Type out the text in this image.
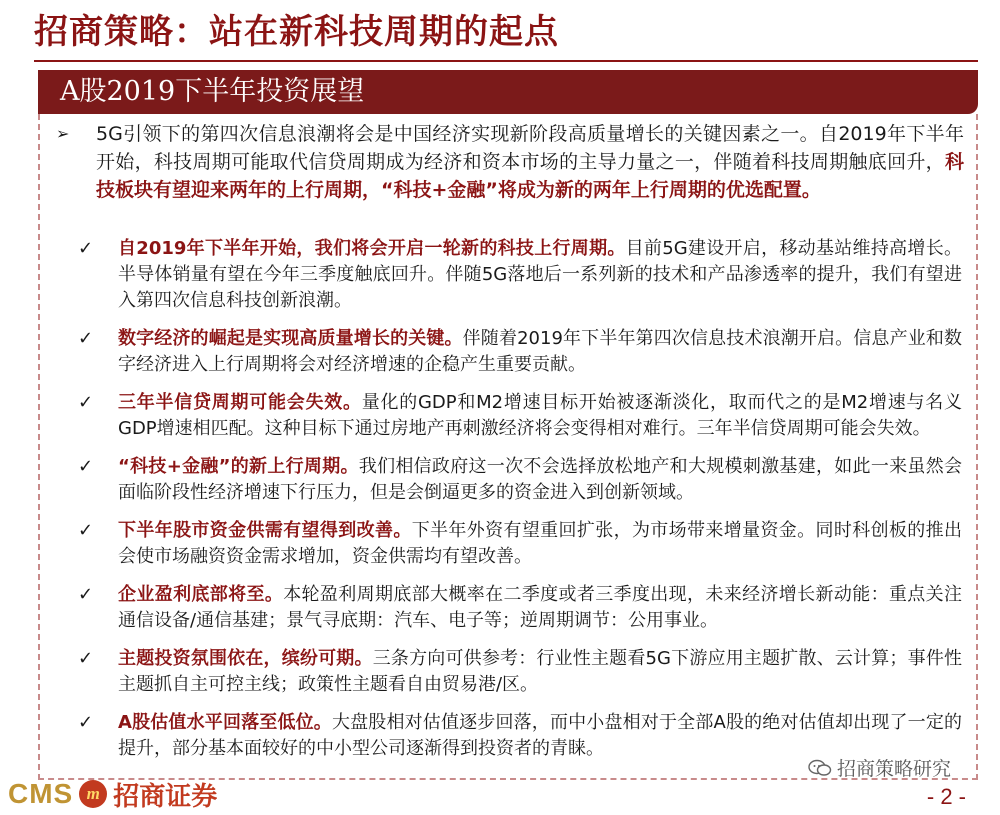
招商策略：站在新科技周期的起点
A股2019下半年投资展望
➢ 5G引领下的第四次信息浪潮将会是中国经济实现新阶段高质量增长的关键因素之一。自2019年下半年开始，科技周期可能取代信贷周期成为经济和资本市场的主导力量之一，伴随着科技周期触底回升，科技板块有望迎来两年的上行周期，“科技+金融”将成为新的两年上行周期的优选配置。
✓ 自2019年下半年开始，我们将会开启一轮新的科技上行周期。目前5G建设开启，移动基站维持高增长。半导体销量有望在今年三季度触底回升。伴随5G落地后一系列新的技术和产品渗透率的提升，我们有望进入第四次信息科技创新浪潮。
✓ 数字经济的崛起是实现高质量增长的关键。伴随着2019年下半年第四次信息技术浪潮开启。信息产业和数字经济进入上行周期将会对经济增速的企稳产生重要贡献。
✓ 三年半信贷周期可能会失效。量化的GDP和M2增速目标开始被逐渐淡化，取而代之的是M2增速与名义GDP增速相匹配。这种目标下通过房地产再刺激经济将会变得相对难行。三年半信贷周期可能会失效。
✓ “科技+金融”的新上行周期。我们相信政府这一次不会选择放松地产和大规模刺激基建，如此一来虽然会面临阶段性经济增速下行压力，但是会倒逼更多的资金进入到创新领域。
✓ 下半年股市资金供需有望得到改善。下半年外资有望重回扩张，为市场带来增量资金。同时科创板的推出会使市场融资资金需求增加，资金供需均有望改善。
✓ 企业盈利底部将至。本轮盈利周期底部大概率在二季度或者三季度出现，未来经济增长新动能：重点关注通信设备/通信基建；景气寻底期：汽车、电子等；逆周期调节：公用事业。
✓ 主题投资氛围依在，缤纷可期。三条方向可供参考：行业性主题看5G下游应用主题扩散、云计算；事件性主题抓自主可控主线；政策性主题看自由贸易港/区。
✓ A股估值水平回落至低位。大盘股相对估值逐步回落，而中小盘相对于全部A股的绝对估值却出现了一定的提升，部分基本面较好的中小型公司逐渐得到投资者的青睐。
CMS m 招商证券
招商策略研究
- 2 -
